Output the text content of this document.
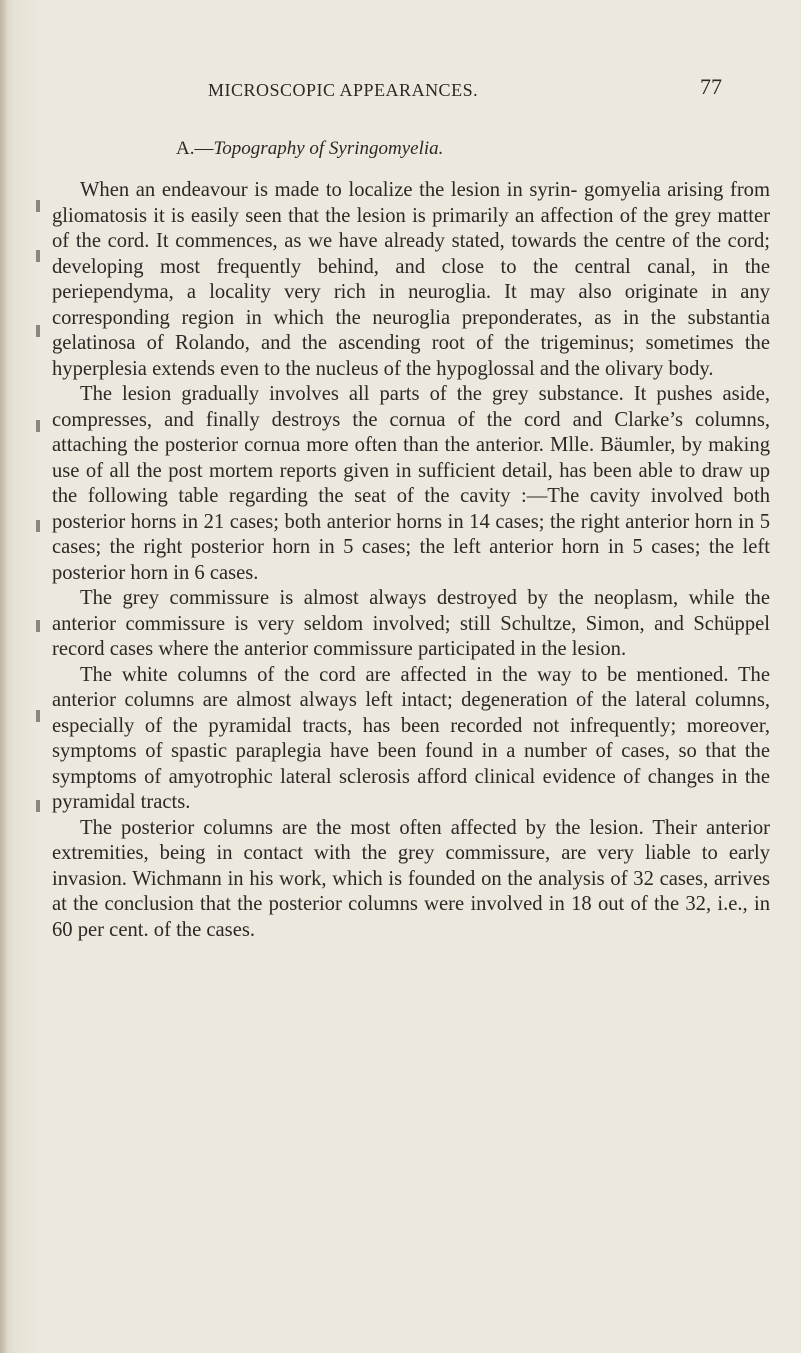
MICROSCOPIC APPEARANCES.	77
A.—Topography of Syringomyelia.

When an endeavour is made to localize the lesion in syrin- gomyelia arising from gliomatosis it is easily seen that the lesion is primarily an affection of the grey matter of the cord. It commences, as we have already stated, towards the centre of the cord; developing most frequently behind, and close to the central canal, in the periependyma, a locality very rich in neuroglia. It may also originate in any corresponding region in which the neuroglia preponderates, as in the substantia gelatinosa of Rolando, and the ascending root of the trigeminus; sometimes the hyperplesia extends even to the nucleus of the hypoglossal and the olivary body.

The lesion gradually involves all parts of the grey substance. It pushes aside, compresses, and finally destroys the cornua of the cord and Clarke’s columns, attaching the posterior cornua more often than the anterior. Mlle. Bäumler, by making use of all the post mortem reports given in sufficient detail, has been able to draw up the following table regarding the seat of the cavity :—The cavity involved both posterior horns in 21 cases; both anterior horns in 14 cases; the right anterior horn in 5 cases; the right posterior horn in 5 cases; the left anterior horn in 5 cases; the left posterior horn in 6 cases.

The grey commissure is almost always destroyed by the neoplasm, while the anterior commissure is very seldom involved; still Schultze, Simon, and Schüppel record cases where the anterior commissure participated in the lesion.

The white columns of the cord are affected in the way to be mentioned. The anterior columns are almost always left intact; degeneration of the lateral columns, especially of the pyramidal tracts, has been recorded not infrequently; moreover, symptoms of spastic paraplegia have been found in a number of cases, so that the symptoms of amyotrophic lateral sclerosis afford clinical evidence of changes in the pyramidal tracts.

The posterior columns are the most often affected by the lesion. Their anterior extremities, being in contact with the grey commissure, are very liable to early invasion. Wichmann in his work, which is founded on the analysis of 32 cases, arrives at the conclusion that the posterior columns were involved in 18 out of the 32, i.e., in 60 per cent. of the cases.
